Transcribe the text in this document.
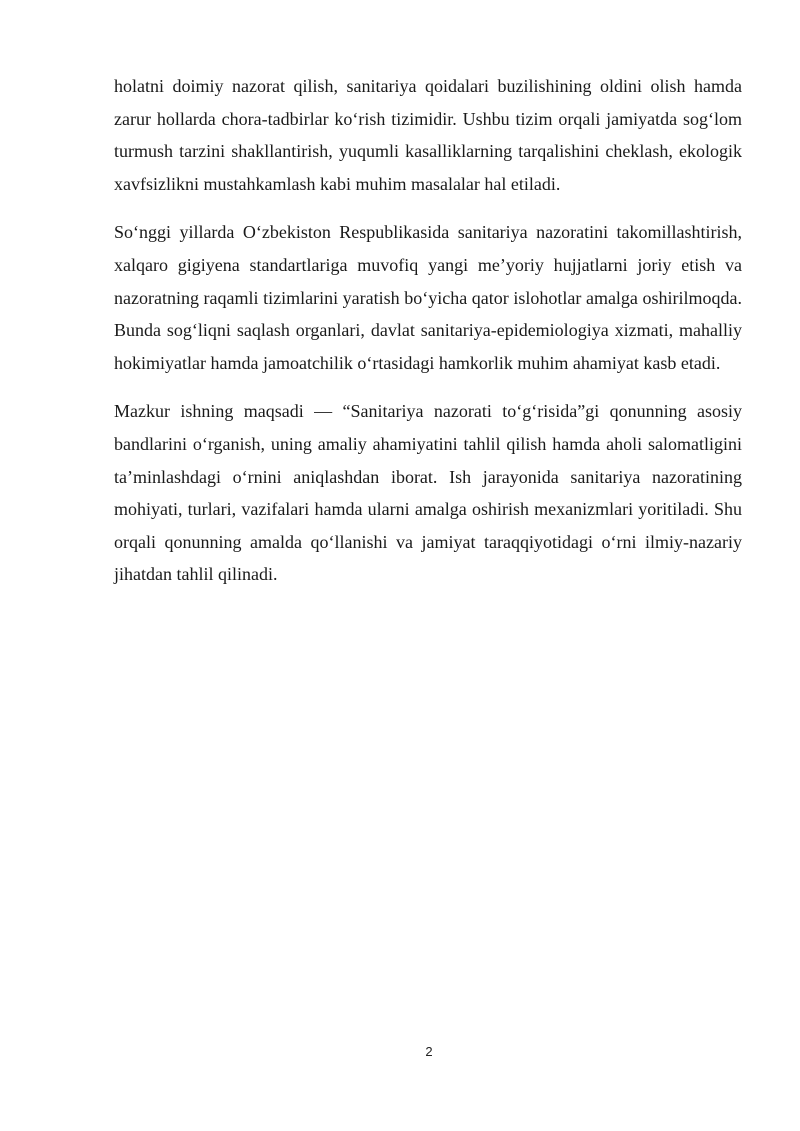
holatni doimiy nazorat qilish, sanitariya qoidalari buzilishining oldini olish hamda zarur hollarda chora-tadbirlar ko‘rish tizimidir. Ushbu tizim orqali jamiyatda sog‘lom turmush tarzini shakllantirish, yuqumli kasalliklarning tarqalishini cheklash, ekologik xavfsizlikni mustahkamlash kabi muhim masalalar hal etiladi.

So‘nggi yillarda O‘zbekiston Respublikasida sanitariya nazoratini takomillashtirish, xalqaro gigiyena standartlariga muvofiq yangi me’yoriy hujjatlarni joriy etish va nazoratning raqamli tizimlarini yaratish bo‘yicha qator islohotlar amalga oshirilmoqda. Bunda sog‘liqni saqlash organlari, davlat sanitariya-epidemiologiya xizmati, mahalliy hokimiyatlar hamda jamoatchilik o‘rtasidagi hamkorlik muhim ahamiyat kasb etadi.

Mazkur ishning maqsadi — “Sanitariya nazorati to‘g‘risida”gi qonunning asosiy bandlarini o‘rganish, uning amaliy ahamiyatini tahlil qilish hamda aholi salomatligini ta’minlashdagi o‘rnini aniqlashdan iborat. Ish jarayonida sanitariya nazoratining mohiyati, turlari, vazifalari hamda ularni amalga oshirish mexanizmlari yoritiladi. Shu orqali qonunning amalda qo‘llanishi va jamiyat taraqqiyotidagi o‘rni ilmiy-nazariy jihatdan tahlil qilinadi.

2
